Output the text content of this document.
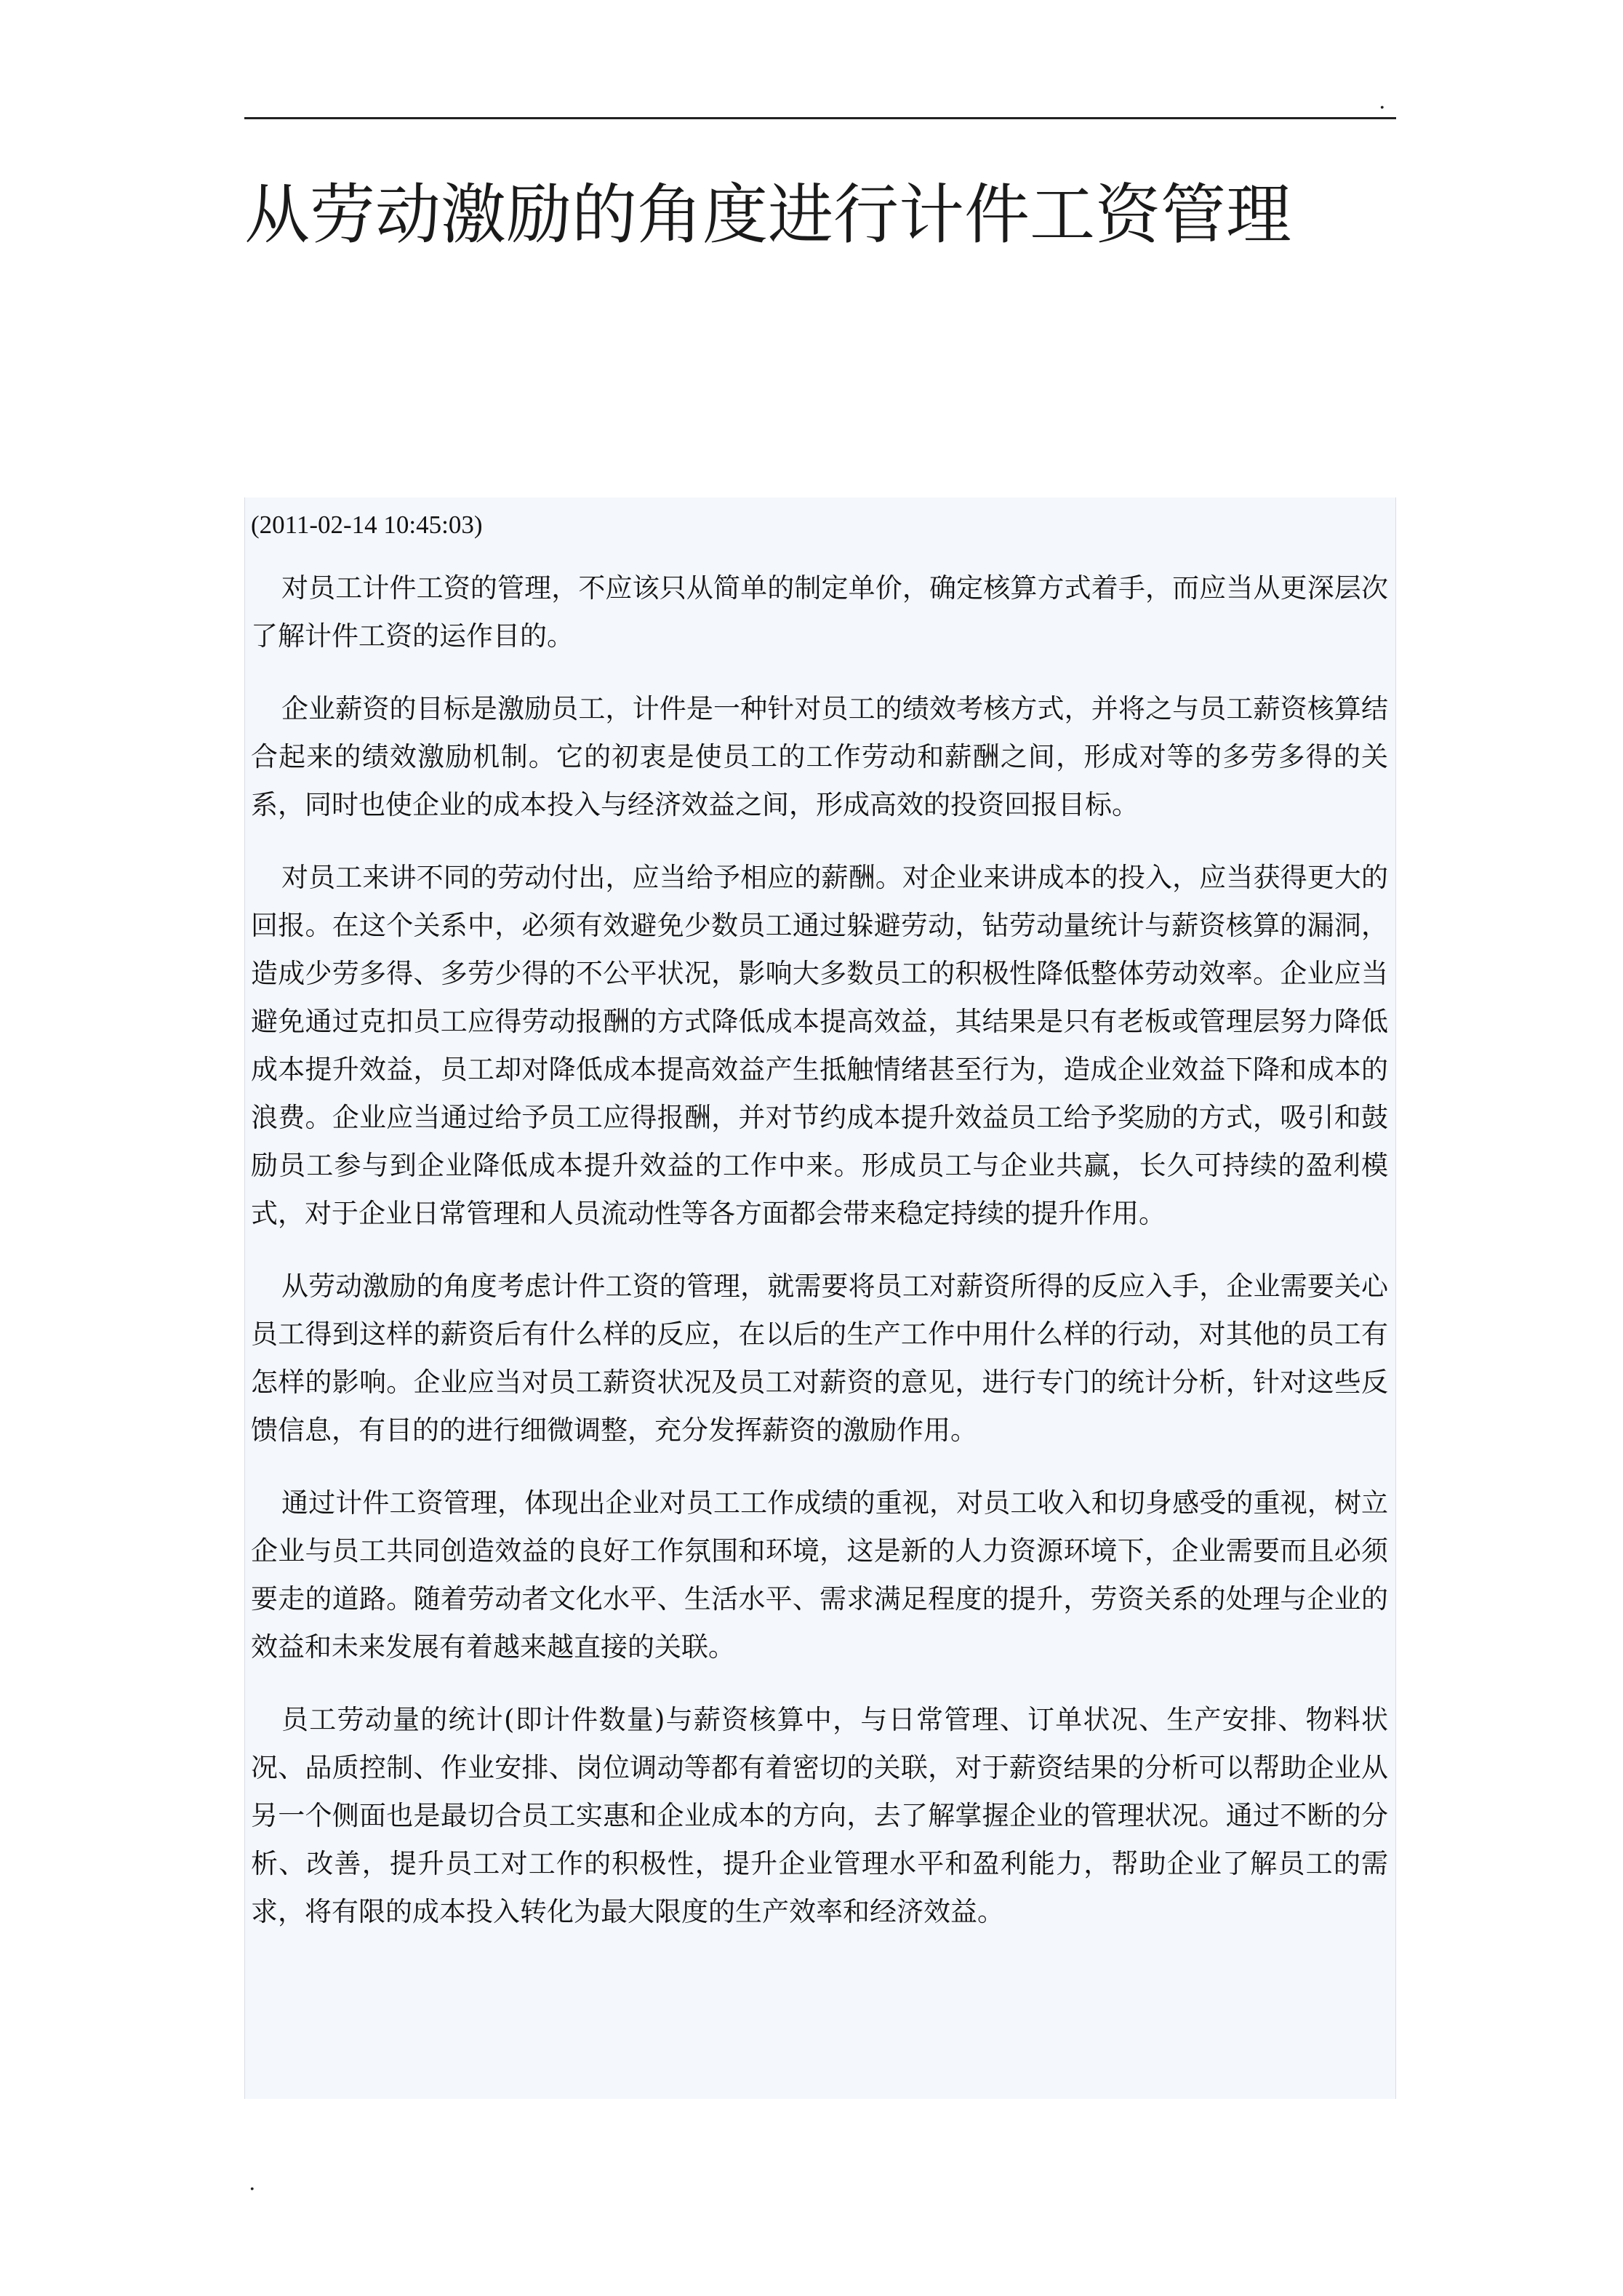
.
从劳动激励的角度进行计件工资管理

(2011-02-14 10:45:03)

对员工计件工资的管理，不应该只从简单的制定单价，确定核算方式着手，而应当从更深层次了解计件工资的运作目的。

企业薪资的目标是激励员工，计件是一种针对员工的绩效考核方式，并将之与员工薪资核算结合起来的绩效激励机制。它的初衷是使员工的工作劳动和薪酬之间，形成对等的多劳多得的关系，同时也使企业的成本投入与经济效益之间，形成高效的投资回报目标。

对员工来讲不同的劳动付出，应当给予相应的薪酬。对企业来讲成本的投入，应当获得更大的回报。在这个关系中，必须有效避免少数员工通过躲避劳动，钻劳动量统计与薪资核算的漏洞，造成少劳多得、多劳少得的不公平状况，影响大多数员工的积极性降低整体劳动效率。企业应当避免通过克扣员工应得劳动报酬的方式降低成本提高效益，其结果是只有老板或管理层努力降低成本提升效益，员工却对降低成本提高效益产生抵触情绪甚至行为，造成企业效益下降和成本的浪费。企业应当通过给予员工应得报酬，并对节约成本提升效益员工给予奖励的方式，吸引和鼓励员工参与到企业降低成本提升效益的工作中来。形成员工与企业共赢，长久可持续的盈利模式，对于企业日常管理和人员流动性等各方面都会带来稳定持续的提升作用。

从劳动激励的角度考虑计件工资的管理，就需要将员工对薪资所得的反应入手，企业需要关心员工得到这样的薪资后有什么样的反应，在以后的生产工作中用什么样的行动，对其他的员工有怎样的影响。企业应当对员工薪资状况及员工对薪资的意见，进行专门的统计分析，针对这些反馈信息，有目的的进行细微调整，充分发挥薪资的激励作用。

通过计件工资管理，体现出企业对员工工作成绩的重视，对员工收入和切身感受的重视，树立企业与员工共同创造效益的良好工作氛围和环境，这是新的人力资源环境下，企业需要而且必须要走的道路。随着劳动者文化水平、生活水平、需求满足程度的提升，劳资关系的处理与企业的效益和未来发展有着越来越直接的关联。

员工劳动量的统计(即计件数量)与薪资核算中，与日常管理、订单状况、生产安排、物料状况、品质控制、作业安排、岗位调动等都有着密切的关联，对于薪资结果的分析可以帮助企业从另一个侧面也是最切合员工实惠和企业成本的方向，去了解掌握企业的管理状况。通过不断的分析、改善，提升员工对工作的积极性，提升企业管理水平和盈利能力，帮助企业了解员工的需求，将有限的成本投入转化为最大限度的生产效率和经济效益。

.
